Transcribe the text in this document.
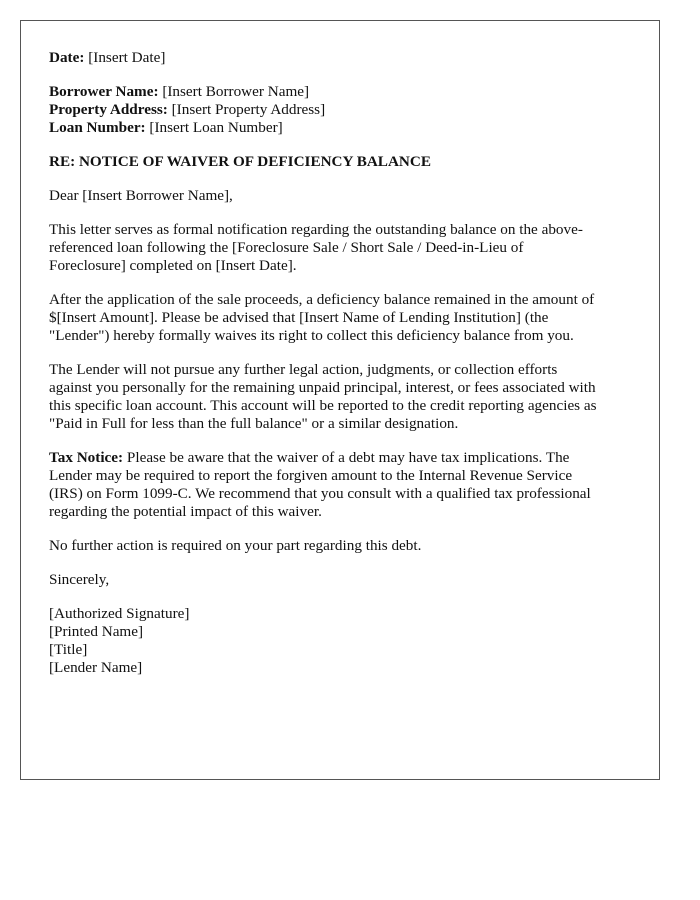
Date: [Insert Date]
Borrower Name: [Insert Borrower Name]
Property Address: [Insert Property Address]
Loan Number: [Insert Loan Number]
RE: NOTICE OF WAIVER OF DEFICIENCY BALANCE
Dear [Insert Borrower Name],
This letter serves as formal notification regarding the outstanding balance on the above-
referenced loan following the [Foreclosure Sale / Short Sale / Deed-in-Lieu of
Foreclosure] completed on [Insert Date].
After the application of the sale proceeds, a deficiency balance remained in the amount of
$[Insert Amount]. Please be advised that [Insert Name of Lending Institution] (the
"Lender") hereby formally waives its right to collect this deficiency balance from you.
The Lender will not pursue any further legal action, judgments, or collection efforts
against you personally for the remaining unpaid principal, interest, or fees associated with
this specific loan account. This account will be reported to the credit reporting agencies as
"Paid in Full for less than the full balance" or a similar designation.
Tax Notice: Please be aware that the waiver of a debt may have tax implications. The
Lender may be required to report the forgiven amount to the Internal Revenue Service
(IRS) on Form 1099-C. We recommend that you consult with a qualified tax professional
regarding the potential impact of this waiver.
No further action is required on your part regarding this debt.
Sincerely,
[Authorized Signature]
[Printed Name]
[Title]
[Lender Name]
